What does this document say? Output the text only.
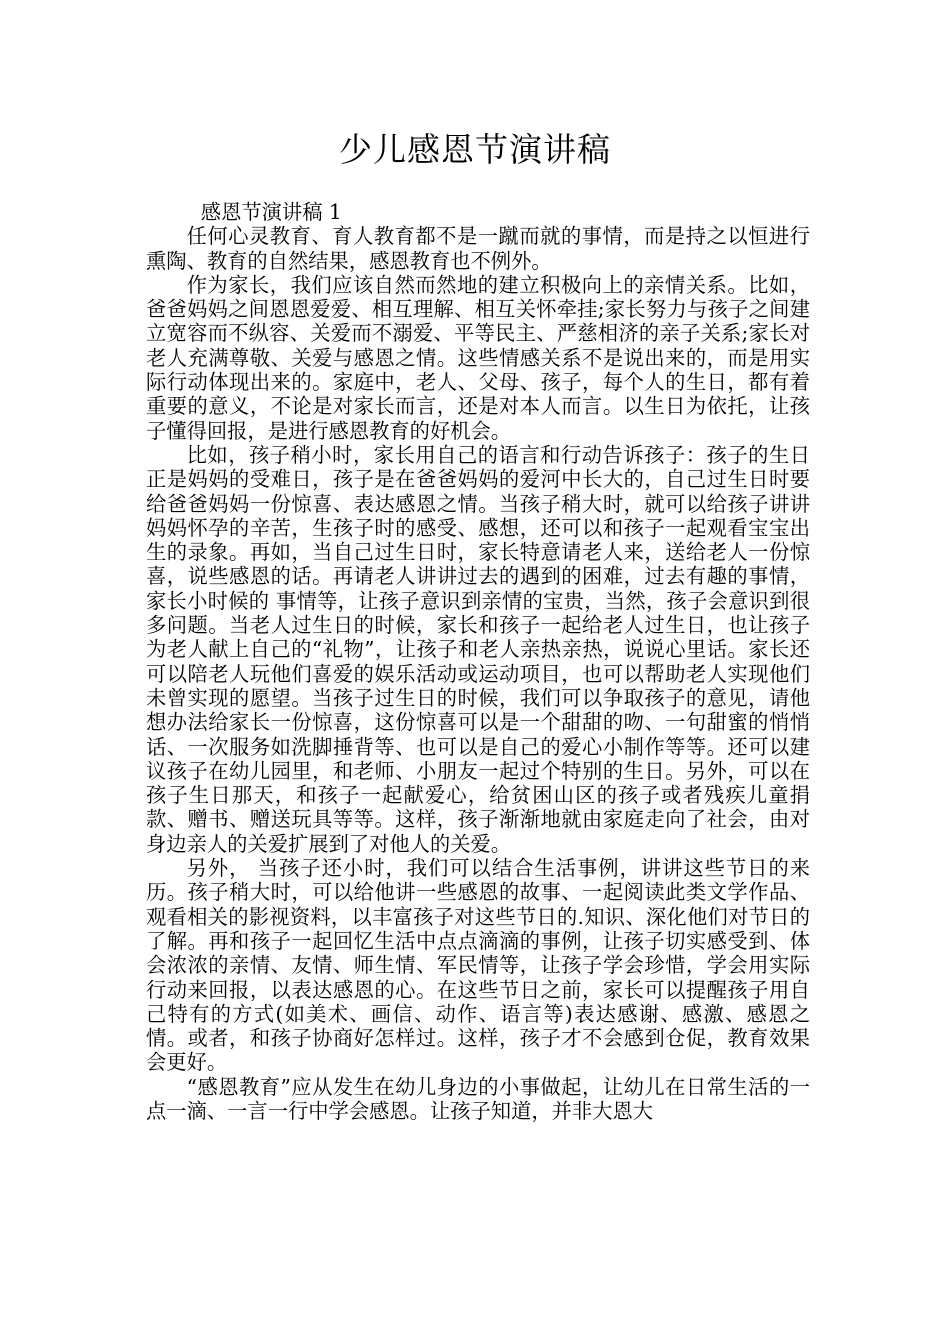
少儿感恩节演讲稿

感恩节演讲稿 1

任何心灵教育、育人教育都不是一蹴而就的事情，而是持之以恒进行熏陶、教育的自然结果，感恩教育也不例外。

作为家长，我们应该自然而然地的建立积极向上的亲情关系。比如，爸爸妈妈之间恩恩爱爱、相互理解、相互关怀牵挂;家长努力与孩子之间建立宽容而不纵容、关爱而不溺爱、平等民主、严慈相济的亲子关系;家长对老人充满尊敬、关爱与感恩之情。这些情感关系不是说出来的，而是用实际行动体现出来的。家庭中，老人、父母、孩子，每个人的生日，都有着重要的意义，不论是对家长而言，还是对本人而言。以生日为依托，让孩子懂得回报，是进行感恩教育的好机会。

比如，孩子稍小时，家长用自己的语言和行动告诉孩子：孩子的生日正是妈妈的受难日，孩子是在爸爸妈妈的爱河中长大的，自己过生日时要给爸爸妈妈一份惊喜、表达感恩之情。当孩子稍大时，就可以给孩子讲讲妈妈怀孕的辛苦，生孩子时的感受、感想，还可以和孩子一起观看宝宝出生的录象。再如，当自己过生日时，家长特意请老人来，送给老人一份惊喜，说些感恩的话。再请老人讲讲过去的遇到的困难，过去有趣的事情，家长小时候的 事情等，让孩子意识到亲情的宝贵，当然，孩子会意识到很多问题。当老人过生日的时候，家长和孩子一起给老人过生日，也让孩子为老人献上自己的“礼物”，让孩子和老人亲热亲热，说说心里话。家长还可以陪老人玩他们喜爱的娱乐活动或运动项目，也可以帮助老人实现他们未曾实现的愿望。当孩子过生日的时候，我们可以争取孩子的意见，请他想办法给家长一份惊喜，这份惊喜可以是一个甜甜的吻、一句甜蜜的悄悄话、一次服务如洗脚捶背等、也可以是自己的爱心小制作等等。还可以建议孩子在幼儿园里，和老师、小朋友一起过个特别的生日。另外，可以在孩子生日那天，和孩子一起献爱心，给贫困山区的孩子或者残疾儿童捐款、赠书、赠送玩具等等。这样，孩子渐渐地就由家庭走向了社会，由对身边亲人的关爱扩展到了对他人的关爱。

另外， 当孩子还小时，我们可以结合生活事例，讲讲这些节日的来历。孩子稍大时，可以给他讲一些感恩的故事、一起阅读此类文学作品、观看相关的影视资料，以丰富孩子对这些节日的.知识、深化他们对节日的了解。再和孩子一起回忆生活中点点滴滴的事例，让孩子切实感受到、体会浓浓的亲情、友情、师生情、军民情等，让孩子学会珍惜，学会用实际行动来回报，以表达感恩的心。在这些节日之前，家长可以提醒孩子用自己特有的方式(如美术、画信、动作、语言等)表达感谢、感激、感恩之情。或者，和孩子协商好怎样过。这样，孩子才不会感到仓促，教育效果会更好。

“感恩教育”应从发生在幼儿身边的小事做起，让幼儿在日常生活的一点一滴、一言一行中学会感恩。让孩子知道，并非大恩大
